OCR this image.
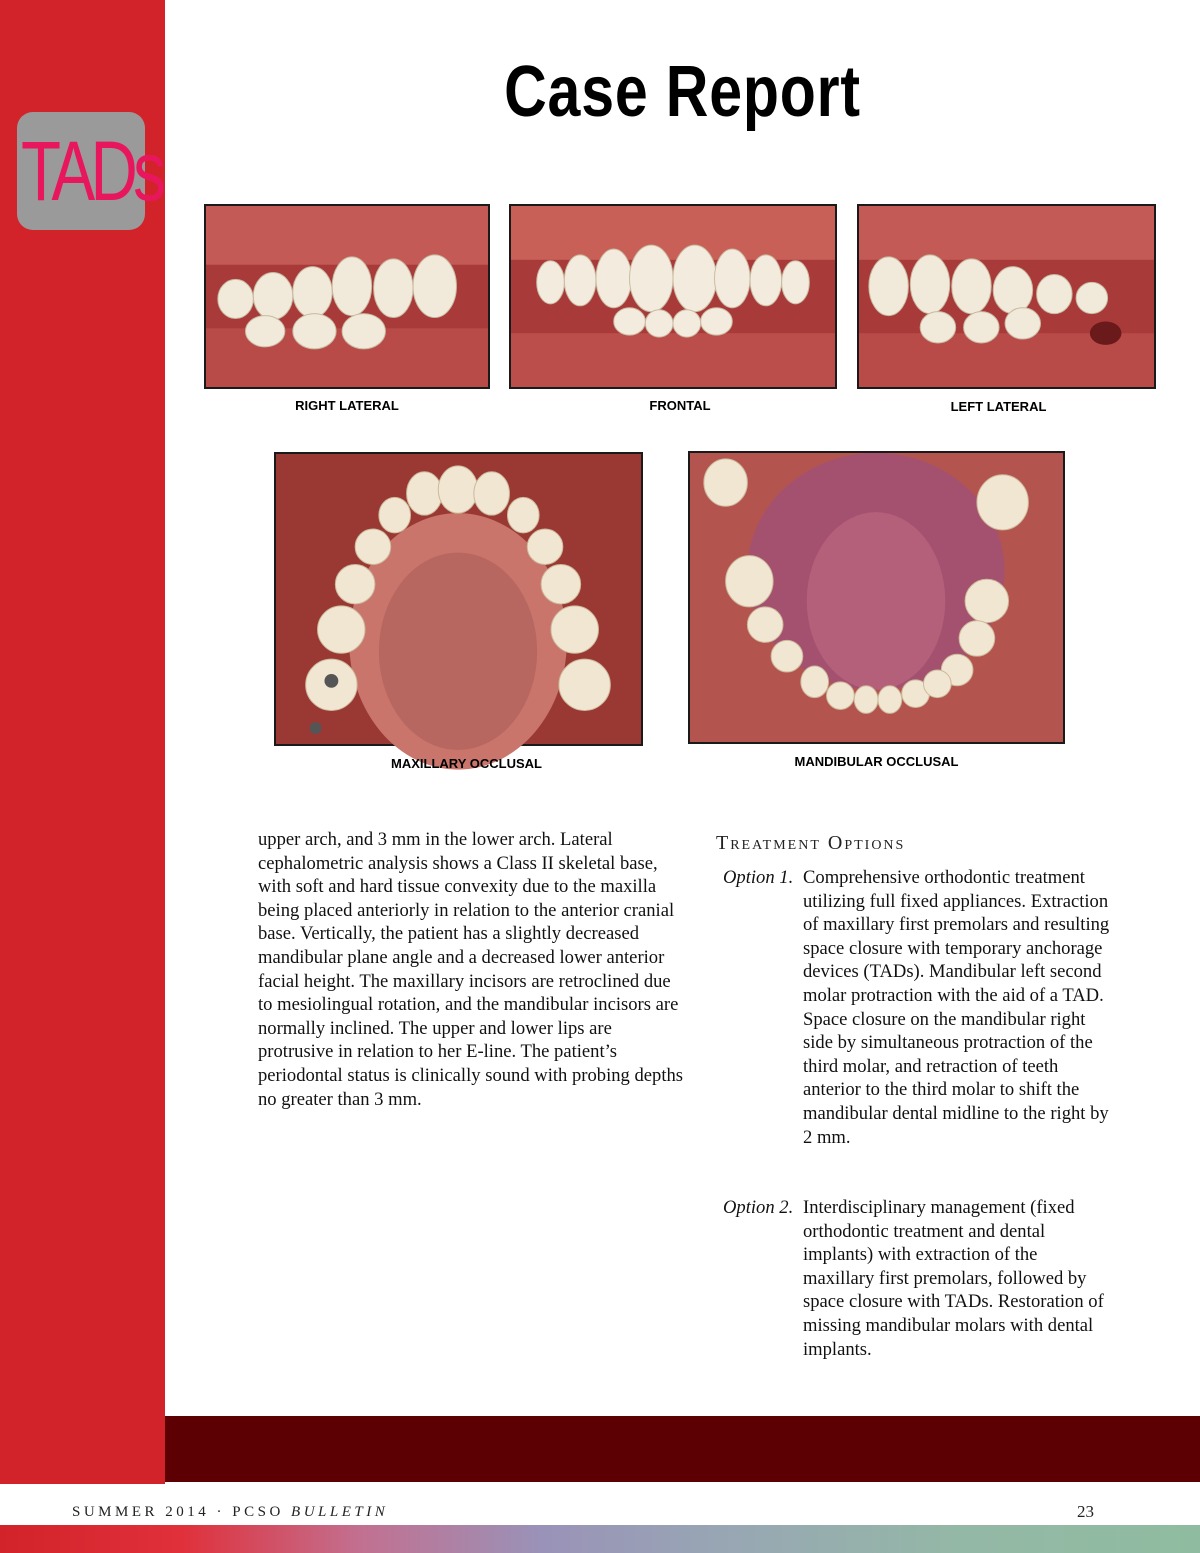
TADs
Case Report
RIGHT LATERAL	FRONTAL	LEFT LATERAL
MAXILLARY OCCLUSAL	MANDIBULAR OCCLUSAL

upper arch, and 3 mm in the lower arch. Lateral cephalometric analysis shows a Class II skeletal base, with soft and hard tissue convexity due to the maxilla being placed anteriorly in relation to the anterior cranial base. Vertically, the patient has a slightly decreased mandibular plane angle and a decreased lower anterior facial height. The maxillary incisors are retroclined due to mesiolingual rotation, and the mandibular incisors are normally inclined. The upper and lower lips are protrusive in relation to her E-line. The patient’s periodontal status is clinically sound with probing depths no greater than 3 mm.

Treatment Options
Option 1. Comprehensive orthodontic treatment utilizing full fixed appliances. Extraction of maxillary first premolars and resulting space closure with temporary anchorage devices (TADs). Mandibular left second molar protraction with the aid of a TAD. Space closure on the mandibular right side by simultaneous protraction of the third molar, and retraction of teeth anterior to the third molar to shift the mandibular dental midline to the right by 2 mm.
Option 2. Interdisciplinary management (fixed orthodontic treatment and dental implants) with extraction of the maxillary first premolars, followed by space closure with TADs. Restoration of missing mandibular molars with dental implants.
SUMMER 2014 · PCSO BULLETIN	23
